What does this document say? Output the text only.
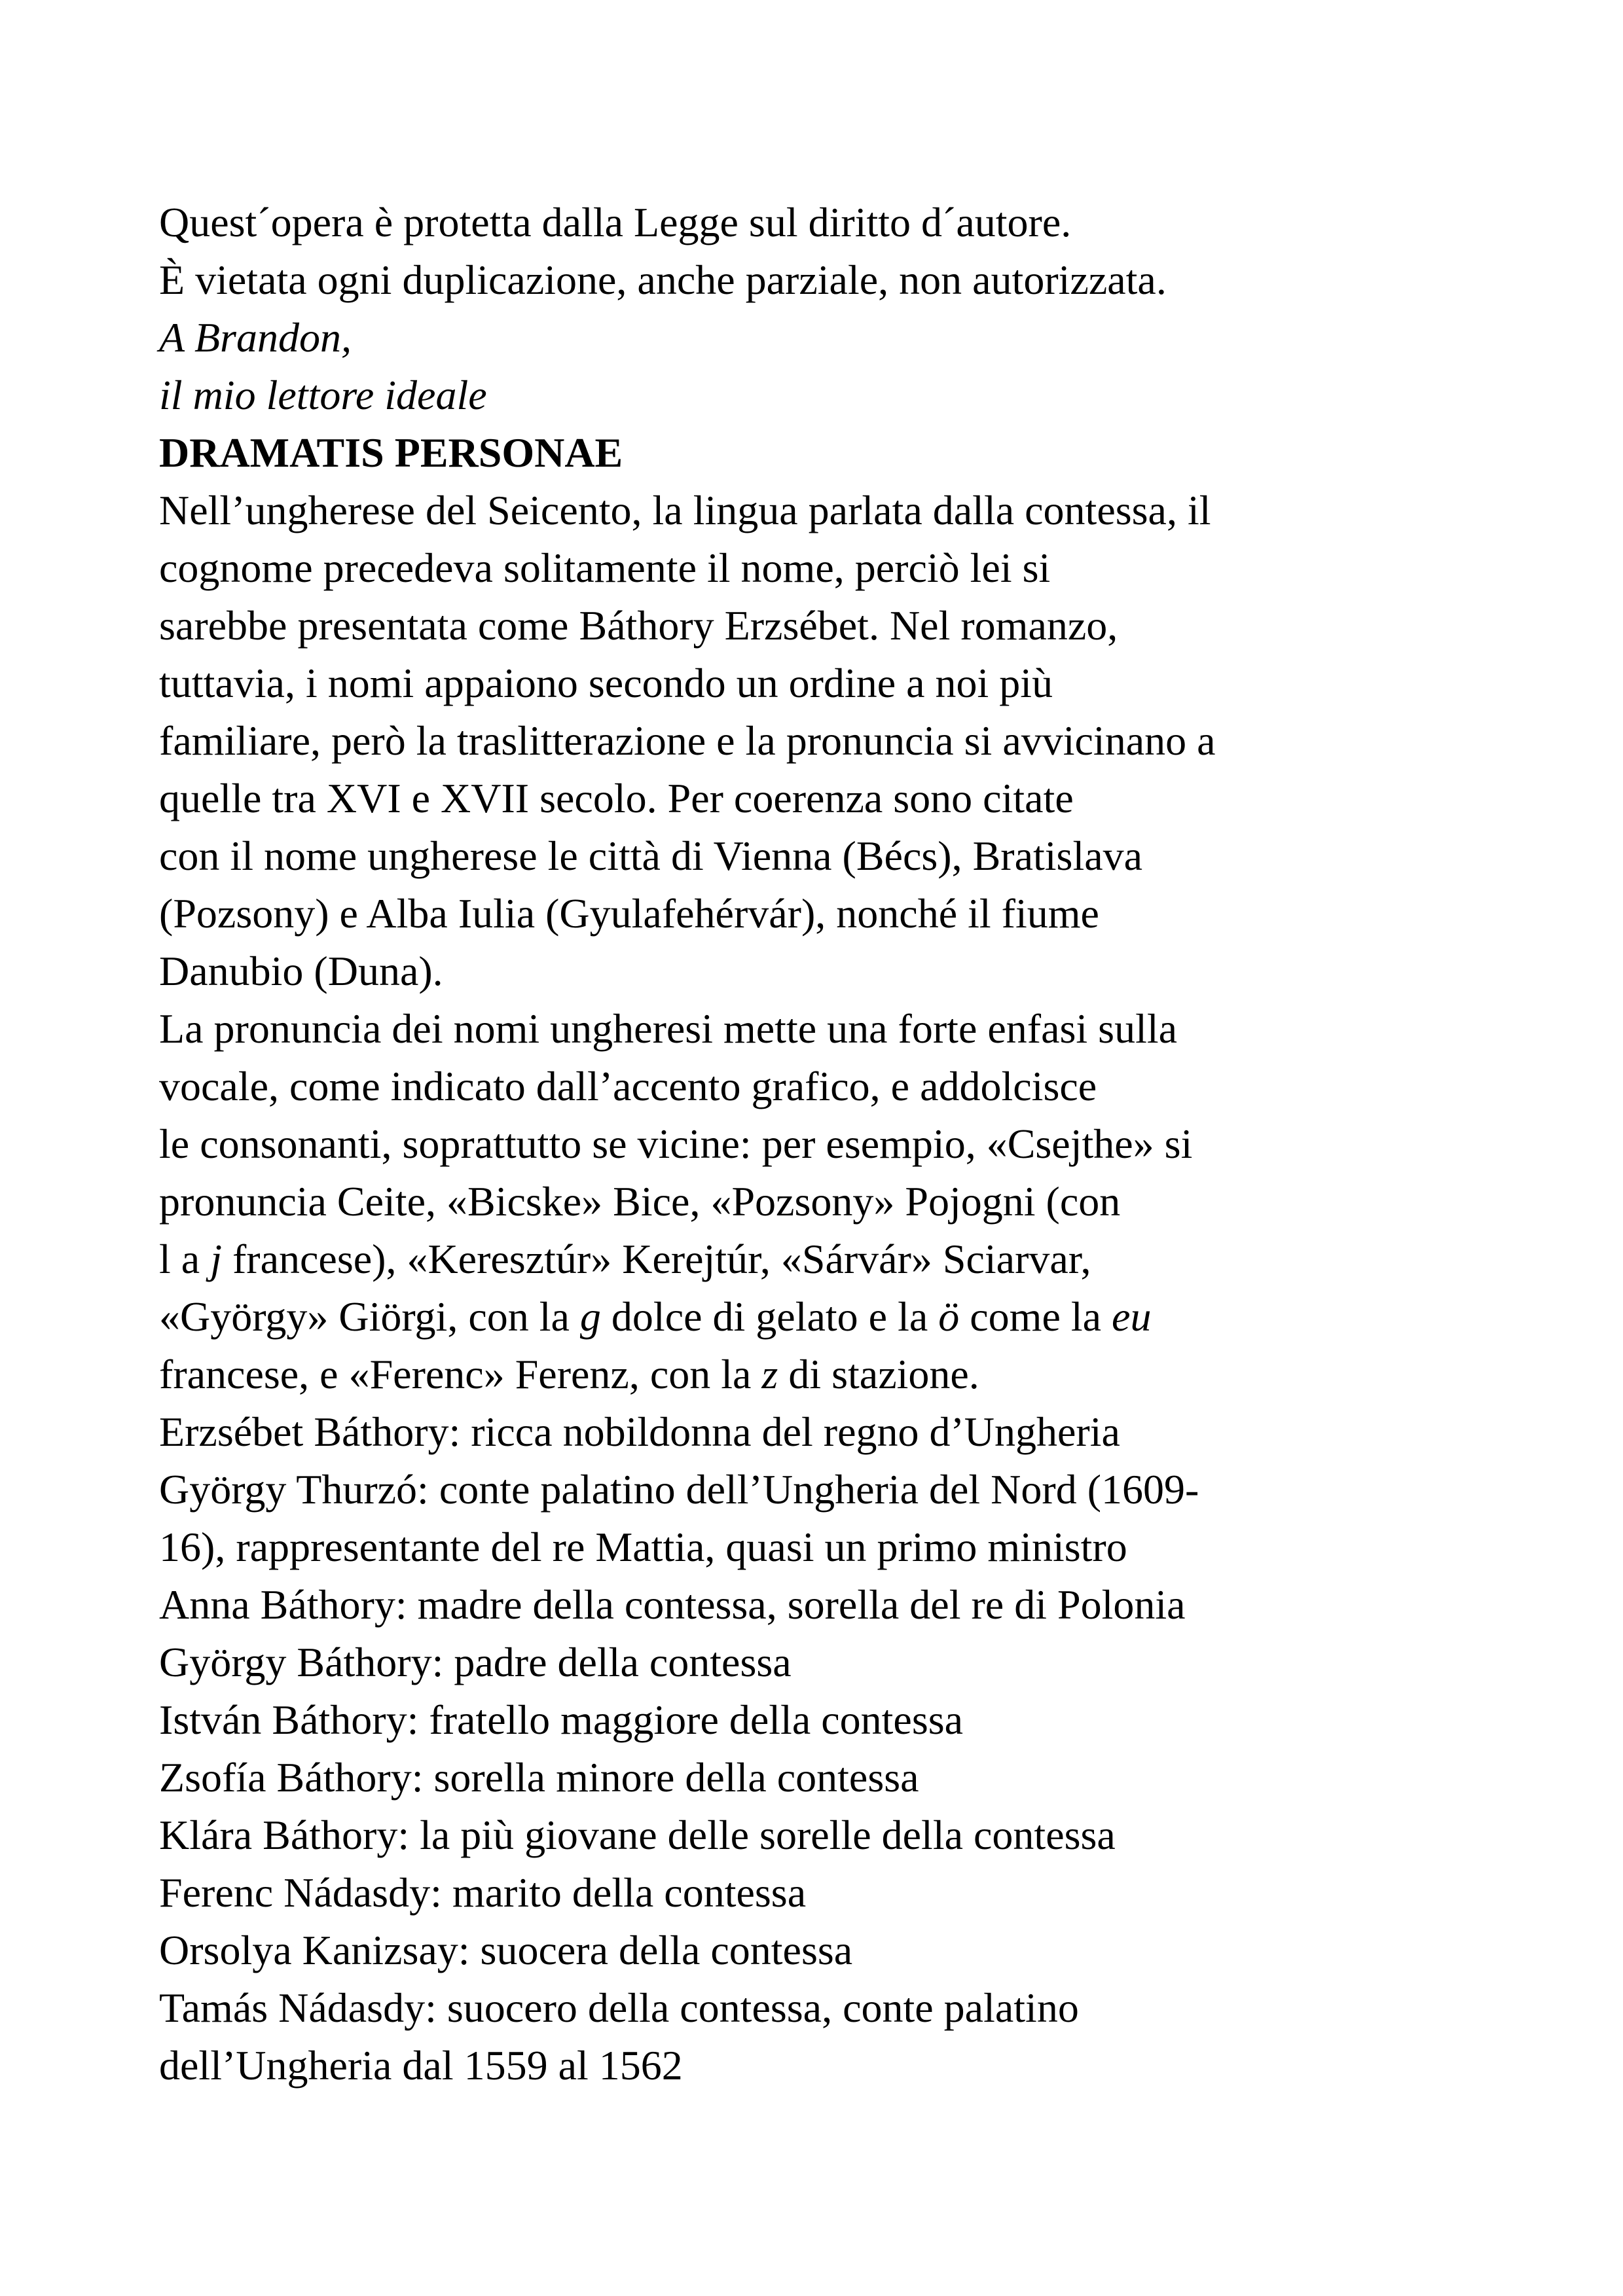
Quest´opera è protetta dalla Legge sul diritto d´autore.
È vietata ogni duplicazione, anche parziale, non autorizzata.
A Brandon,
il mio lettore ideale
DRAMATIS PERSONAE
Nell’ungherese del Seicento, la lingua parlata dalla contessa, il
cognome precedeva solitamente il nome, perciò lei si
sarebbe presentata come Báthory Erzsébet. Nel romanzo,
tuttavia, i nomi appaiono secondo un ordine a noi più
familiare, però la traslitterazione e la pronuncia si avvicinano a
quelle tra XVI e XVII secolo. Per coerenza sono citate
con il nome ungherese le città di Vienna (Bécs), Bratislava
(Pozsony) e Alba Iulia (Gyulafehérvár), nonché il fiume
Danubio (Duna).
La pronuncia dei nomi ungheresi mette una forte enfasi sulla
vocale, come indicato dall’accento grafico, e addolcisce
le consonanti, soprattutto se vicine: per esempio, «Csejthe» si
pronuncia Ceite, «Bicske» Bice, «Pozsony» Pojogni (con
l a j francese), «Keresztúr» Kerejtúr, «Sárvár» Sciarvar,
«György» Giörgi, con la g dolce di gelato e la ö come la eu
francese, e «Ferenc» Ferenz, con la z di stazione.
Erzsébet Báthory: ricca nobildonna del regno d’Ungheria
György Thurzó: conte palatino dell’Ungheria del Nord (1609-
16), rappresentante del re Mattia, quasi un primo ministro
Anna Báthory: madre della contessa, sorella del re di Polonia
György Báthory: padre della contessa
István Báthory: fratello maggiore della contessa
Zsofía Báthory: sorella minore della contessa
Klára Báthory: la più giovane delle sorelle della contessa
Ferenc Nádasdy: marito della contessa
Orsolya Kanizsay: suocera della contessa
Tamás Nádasdy: suocero della contessa, conte palatino
dell’Ungheria dal 1559 al 1562
